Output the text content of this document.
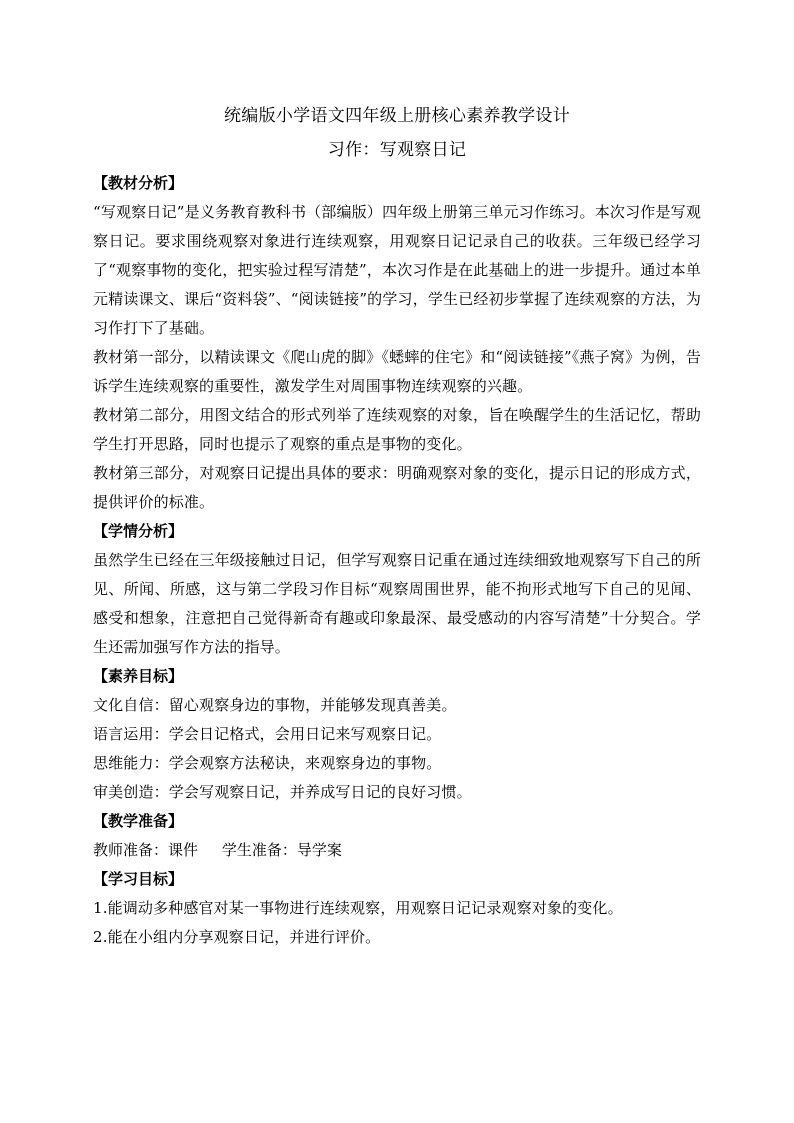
统编版小学语文四年级上册核心素养教学设计
习作：写观察日记
【教材分析】

“写观察日记”是义务教育教科书（部编版）四年级上册第三单元习作练习。本次习作是写观察日记。要求围绕观察对象进行连续观察，用观察日记记录自己的收获。三年级已经学习了“观察事物的变化，把实验过程写清楚”，本次习作是在此基础上的进一步提升。通过本单元精读课文、课后“资料袋”、“阅读链接”的学习，学生已经初步掌握了连续观察的方法，为习作打下了基础。

教材第一部分，以精读课文《爬山虎的脚》《蟋蟀的住宅》和“阅读链接”《燕子窝》为例，告诉学生连续观察的重要性，激发学生对周围事物连续观察的兴趣。

教材第二部分，用图文结合的形式列举了连续观察的对象，旨在唤醒学生的生活记忆，帮助学生打开思路，同时也提示了观察的重点是事物的变化。

教材第三部分，对观察日记提出具体的要求：明确观察对象的变化，提示日记的形成方式，提供评价的标准。

【学情分析】

虽然学生已经在三年级接触过日记，但学写观察日记重在通过连续细致地观察写下自己的所见、所闻、所感，这与第二学段习作目标“观察周围世界，能不拘形式地写下自己的见闻、感受和想象，注意把自己觉得新奇有趣或印象最深、最受感动的内容写清楚”十分契合。学生还需加强写作方法的指导。

【素养目标】

文化自信：留心观察身边的事物，并能够发现真善美。

语言运用：学会日记格式，会用日记来写观察日记。

思维能力：学会观察方法秘诀，来观察身边的事物。

审美创造：学会写观察日记，并养成写日记的良好习惯。

【教学准备】

教师准备：课件     学生准备：导学案

【学习目标】

1.能调动多种感官对某一事物进行连续观察，用观察日记记录观察对象的变化。

2.能在小组内分享观察日记，并进行评价。
